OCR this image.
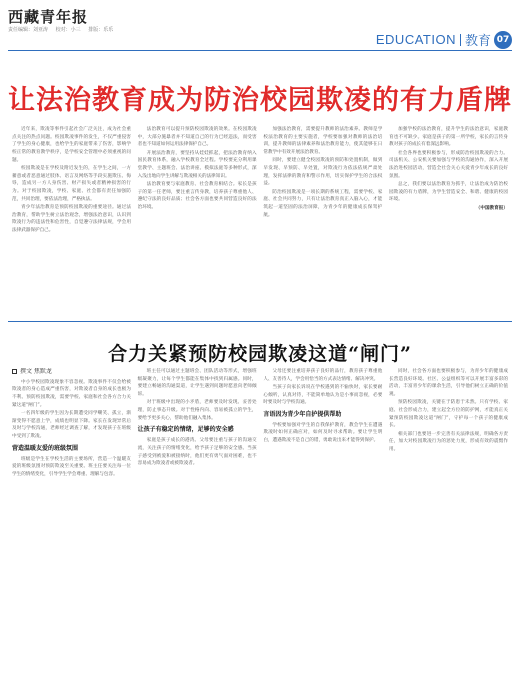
西藏青年报
责任编辑：刘亚涛 校对：小三 排版：乐乐
EDUCATION 教育 07
让法治教育成为防治校园欺凌的有力盾牌

近年来，欺凌等事件引起社会广泛关注，成为社会重点关注的热点问题。校园欺凌事件的发生，不仅严重侵害了学生的身心健康，也给学生的家庭带来了伤害，影响学校正常的教育教学秩序，是学校安全管理中必须重视的问题。

校园欺凌是在学校及附近发生的，在学生之间，一方蓄意或者恶意通过肢体、语言及网络等手段实施欺压、侮辱，造成另一方人身伤害、财产损失或者精神损害的行为。对于校园欺凌，学校、家庭、社会都有责任加强防范，共同治理，要依法治理，严格执法。

青少年法治教育是预防校园欺凌的重要途径。通过法治教育，帮助学生树立法治观念，增强法治意识，认识到欺凌行为的违法性和危害性，自觉遵守法律法规，学会用法律武器保护自己。

法治教育可以提升预防校园欺凌的效果。在校园欺凌中，大部分施暴者并不知道自己的行为已经违法，而受害者也不知道如何运用法律保护自己。

开展法治教育，要坚持从娃娃抓起，把法治教育纳入国民教育体系，融入学校教育全过程。学校要充分利用课堂教学、主题班会、法治讲座、模拟法庭等多种形式，深入浅出地向学生讲解与欺凌相关的法律知识。

法治教育要与家庭教育、社会教育相结合。家长是孩子的第一任老师，要注重言传身教，培养孩子尊重他人、遵纪守法的良好品质；社会各方面也要共同营造良好的法治环境。

加强法治教育，需要提升教师的法治素养。教师是学校法治教育的主要实施者，学校要加强对教师的法治培训，提升教师的法律素养和法治教育能力，使其能够在日常教学中有效开展法治教育。

同时，要建立健全校园欺凌的预防和处置机制，做到早发现、早预防、早处置，对欺凌行为依法依规严肃处理，发挥法律的教育和警示作用，切实保护学生的合法权益。

防治校园欺凌是一项长期的系统工程，需要学校、家庭、社会共同努力，只有让法治教育真正入脑入心，才能筑起一道坚固的法治屏障，为青少年的健康成长保驾护航。

加强学校的法治教育，提升学生的法治意识，家庭教育也不可缺少。家庭是孩子的第一所学校，家长的言传身教对孩子的成长有着深远影响。

社会各界也要积极参与，形成防治校园欺凌的合力。司法机关、公安机关要加强与学校的沟通协作，深入开展法治进校园活动，营造全社会关心关爱青少年成长的良好氛围。

总之，我们要以法治教育为抓手，让法治成为防治校园欺凌的有力盾牌，为学生营造安全、和谐、健康的校园环境。

（中国教育报）
合力关紧预防校园欺凌这道“闸门”
撰文 焦默龙

中小学校园欺凌现象不容忽视。欺凌事件不仅会给被欺凌者的身心造成严重伤害，对欺凌者自身的成长也极为不利。预防校园欺凌，需要学校、家庭和社会各方合力关紧这道“闸门”。

一名四年级的学生因为长期遭受同学嘲笑、孤立，渐渐变得不愿意上学，成绩也明显下降。家长在发现异常后及时与学校沟通，老师经过调查了解，才发现孩子在班级中受到了欺凌。

营造温暖友爱的班级氛围

班级是学生在学校生活的主要场所，营造一个温暖友爱的班级氛围对预防欺凌至关重要。班主任要关注每一位学生的情绪变化，引导学生学会尊重、理解与包容。

班主任可以通过主题班会、团队活动等形式，增强班级凝聚力，让每个学生都能在集体中找到归属感。同时，要建立畅通的沟通渠道，让学生遇到问题时愿意向老师倾诉。

对于班级中出现的小矛盾，老师要及时发现、妥善处理，防止事态升级。对于性格内向、容易被孤立的学生，要给予更多关心，帮助他们融入集体。

让孩子有稳定的情绪，足够的安全感

家庭是孩子成长的港湾。父母要注重与孩子的沟通交流，关注孩子的情绪变化，给予孩子足够的安全感。当孩子感受到被爱和被接纳时，他们更有勇气面对困难，也不容易成为欺凌者或被欺凌者。

父母还要注重培养孩子良好的品行，教育孩子尊重他人、友善待人，学会用恰当的方式表达情绪、解决冲突。

当孩子向家长诉说在学校遇到的不愉快时，家长要耐心倾听，认真对待，不能简单地认为是小事而忽视，必要时要及时与学校沟通。

言语因为青少年自护提供帮助

学校要加强对学生的自我保护教育，教会学生在遭遇欺凌时如何正确应对，如何及时寻求帮助。要让学生明白，遭遇欺凌不是自己的错，勇敢说出来才能得到保护。

同时，社会各方面也要积极参与，为青少年的健康成长营造良好环境。社区、公益组织等可以开展丰富多彩的活动，丰富青少年的课余生活，引导他们树立正确的价值观。

预防校园欺凌，关键在于防患于未然。只有学校、家庭、社会形成合力，建立起全方位的防护网，才能真正关紧预防校园欺凌这道“闸门”，守护每一个孩子的健康成长。

相关部门也要进一步完善有关法律法规，明确各方责任，加大对校园欺凌行为的惩处力度，形成有效的震慑作用。
